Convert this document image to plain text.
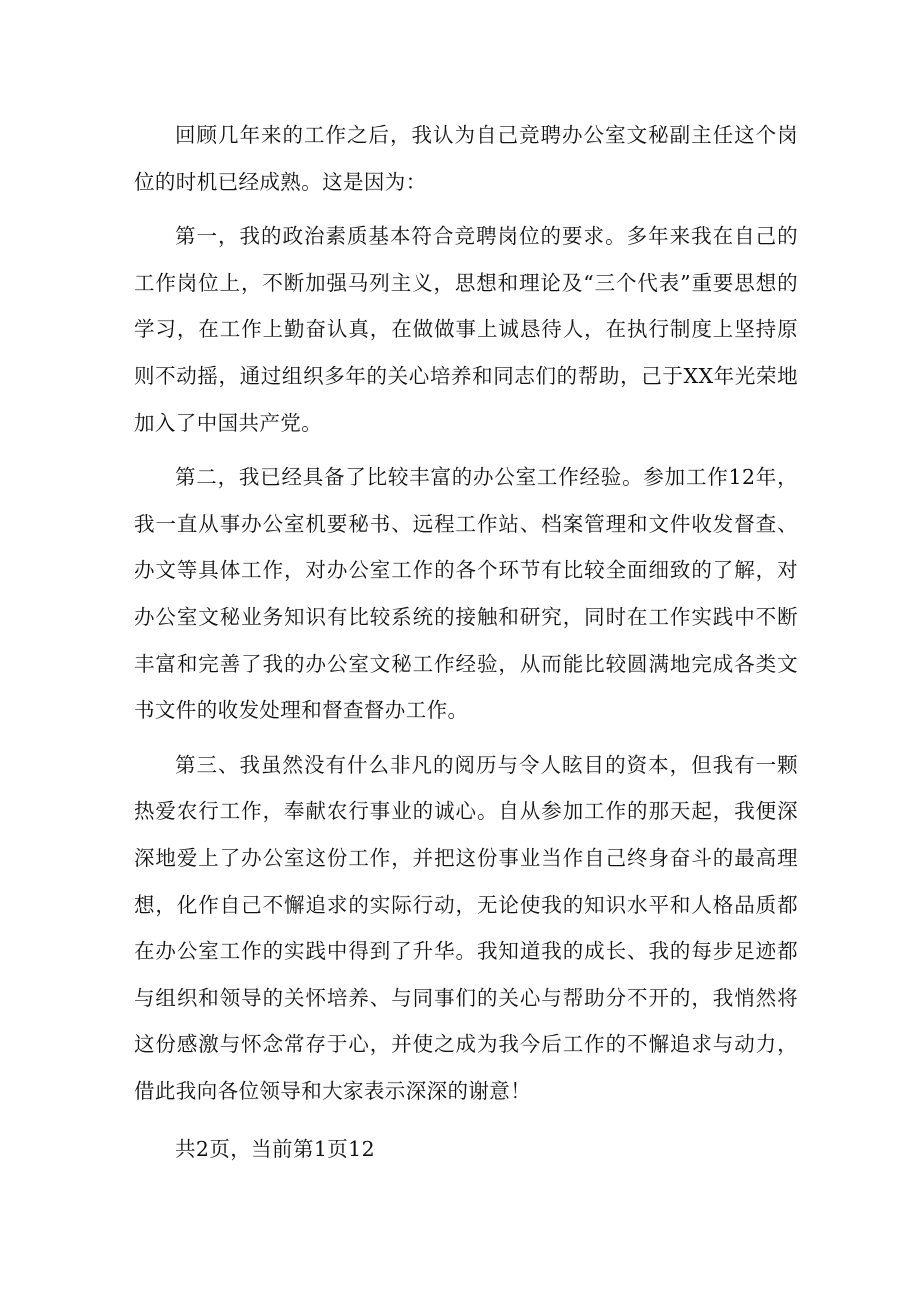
回顾几年来的工作之后，我认为自己竞聘办公室文秘副主任这个岗位的时机已经成熟。这是因为：

第一，我的政治素质基本符合竞聘岗位的要求。多年来我在自己的工作岗位上，不断加强马列主义，思想和理论及“三个代表”重要思想的学习，在工作上勤奋认真，在做做事上诚恳待人，在执行制度上坚持原则不动摇，通过组织多年的关心培养和同志们的帮助，己于XX年光荣地加入了中国共产党。

第二，我已经具备了比较丰富的办公室工作经验。参加工作12年，我一直从事办公室机要秘书、远程工作站、档案管理和文件收发督查、办文等具体工作，对办公室工作的各个环节有比较全面细致的了解，对办公室文秘业务知识有比较系统的接触和研究，同时在工作实践中不断丰富和完善了我的办公室文秘工作经验，从而能比较圆满地完成各类文书文件的收发处理和督查督办工作。

第三、我虽然没有什么非凡的阅历与令人眩目的资本，但我有一颗热爱农行工作，奉献农行事业的诚心。自从参加工作的那天起，我便深深地爱上了办公室这份工作，并把这份事业当作自己终身奋斗的最高理想，化作自己不懈追求的实际行动，无论使我的知识水平和人格品质都在办公室工作的实践中得到了升华。我知道我的成长、我的每步足迹都与组织和领导的关怀培养、与同事们的关心与帮助分不开的，我悄然将这份感激与怀念常存于心，并使之成为我今后工作的不懈追求与动力，借此我向各位领导和大家表示深深的谢意！

共2页，当前第1页12
